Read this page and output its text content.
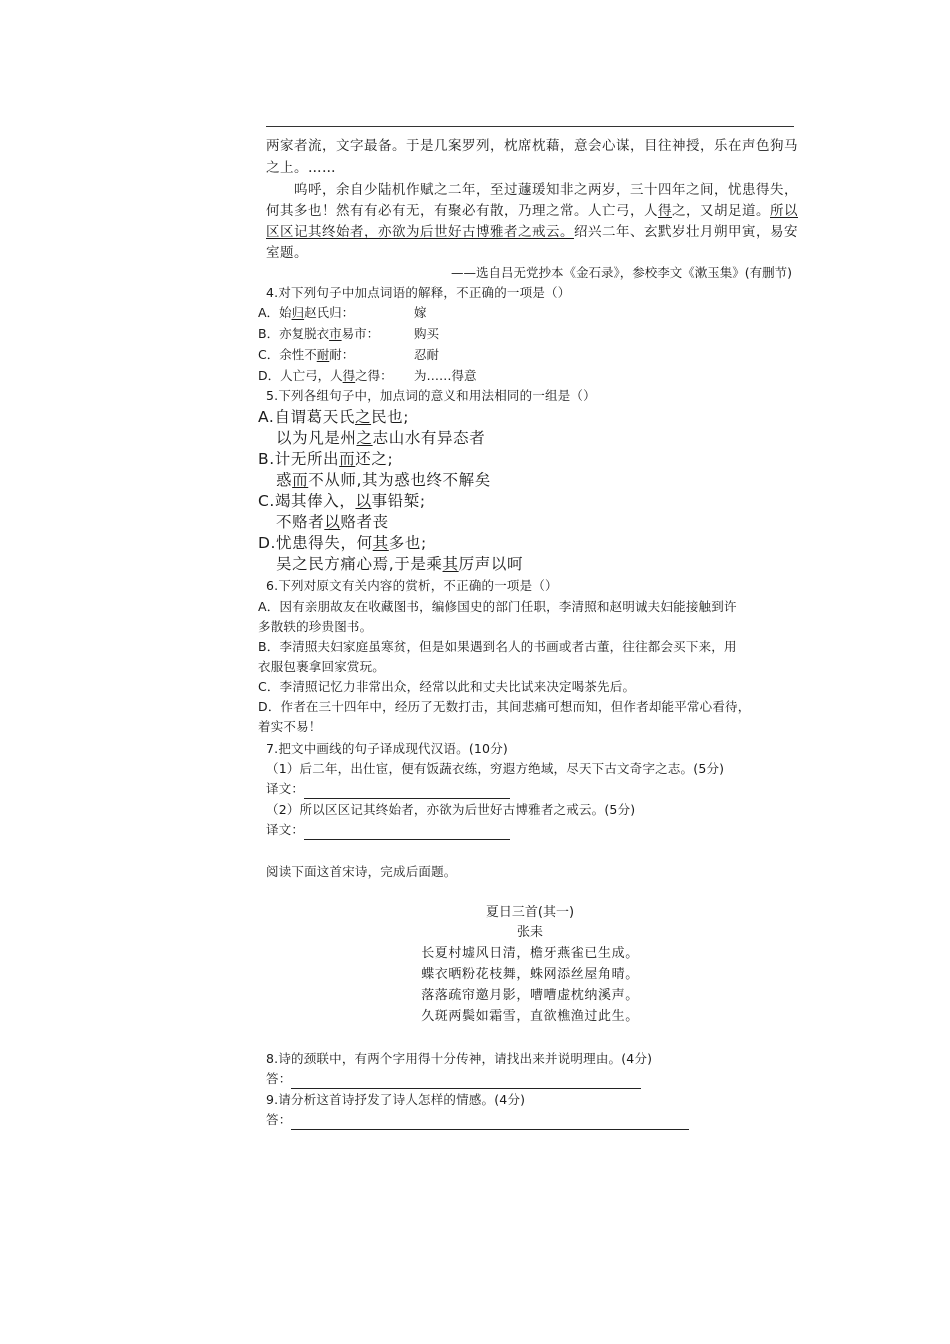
两家者流，文字最备。于是几案罗列，枕席枕藉，意会心谋，目往神授，乐在声色狗马
之上。……
　　呜呼，余自少陆机作赋之二年，至过蘧瑗知非之两岁，三十四年之间，忧患得失，
何其多也！然有有必有无，有聚必有散，乃理之常。人亡弓，人得之，又胡足道。所以
区区记其终始者，亦欲为后世好古博雅者之戒云。绍兴二年、玄黓岁壮月朔甲寅，易安
室题。
——选自吕无党抄本《金石录》，参校李文《漱玉集》(有删节)
4.对下列句子中加点词语的解释，不正确的一项是（）
A．始归赵氏归：	嫁
B．亦复脱衣市易市：	购买
C．余性不耐耐：	忍耐
D．人亡弓，人得之得： 为……得意
5.下列各组句子中，加点词的意义和用法相同的一组是（）
A.自谓葛天氏之民也;
以为凡是州之志山水有异态者
B.计无所出而还之;
惑而不从师,其为惑也终不解矣
C.竭其俸入，以事铅椠;
不赂者以赂者丧
D.忧患得失，何其多也;
吴之民方痛心焉,于是乘其厉声以呵
6.下列对原文有关内容的赏析，不正确的一项是（）
A．因有亲朋故友在收藏图书，编修国史的部门任职，李清照和赵明诚夫妇能接触到许
多散轶的珍贵图书。
B．李清照夫妇家庭虽寒贫，但是如果遇到名人的书画或者古董，往往都会买下来，用
衣服包裹拿回家赏玩。
C．李清照记忆力非常出众，经常以此和丈夫比试来决定喝茶先后。
D．作者在三十四年中，经历了无数打击，其间悲痛可想而知，但作者却能平常心看待，
着实不易！
7.把文中画线的句子译成现代汉语。(10分)
（1）后二年，出仕宦，便有饭蔬衣练，穷遐方绝域，尽天下古文奇字之志。(5分)
译文：
（2）所以区区记其终始者，亦欲为后世好古博雅者之戒云。(5分)
译文：
阅读下面这首宋诗，完成后面题。
夏日三首(其一)
张耒
长夏村墟风日清，檐牙燕雀已生成。
蝶衣晒粉花枝舞，蛛网添丝屋角晴。
落落疏帘邀月影，嘈嘈虚枕纳溪声。
久斑两鬓如霜雪，直欲樵渔过此生。
8.诗的颈联中，有两个字用得十分传神，请找出来并说明理由。(4分)
答：
9.请分析这首诗抒发了诗人怎样的情感。(4分)
答：
